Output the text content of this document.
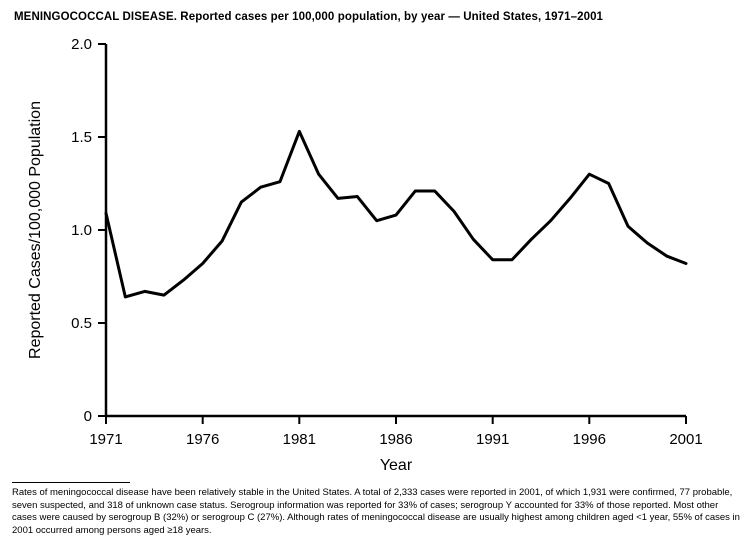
MENINGOCOCCAL DISEASE. Reported cases per 100,000 population, by year — United States, 1971–2001
0
0.5
1.0
1.5
2.0
1971	1976	1981	1986	1991	1996	2001
Reported Cases/100,000 Population
Year
Rates of meningococcal disease have been relatively stable in the United States. A total of 2,333 cases were reported in 2001, of which 1,931 were confirmed, 77 probable, seven suspected, and 318 of unknown case status. Serogroup information was reported for 33% of cases; serogroup Y accounted for 33% of those reported. Most other cases were caused by serogroup B (32%) or serogroup C (27%). Although rates of meningococcal disease are usually highest among children aged <1 year, 55% of cases in 2001 occurred among persons aged ≥18 years.
